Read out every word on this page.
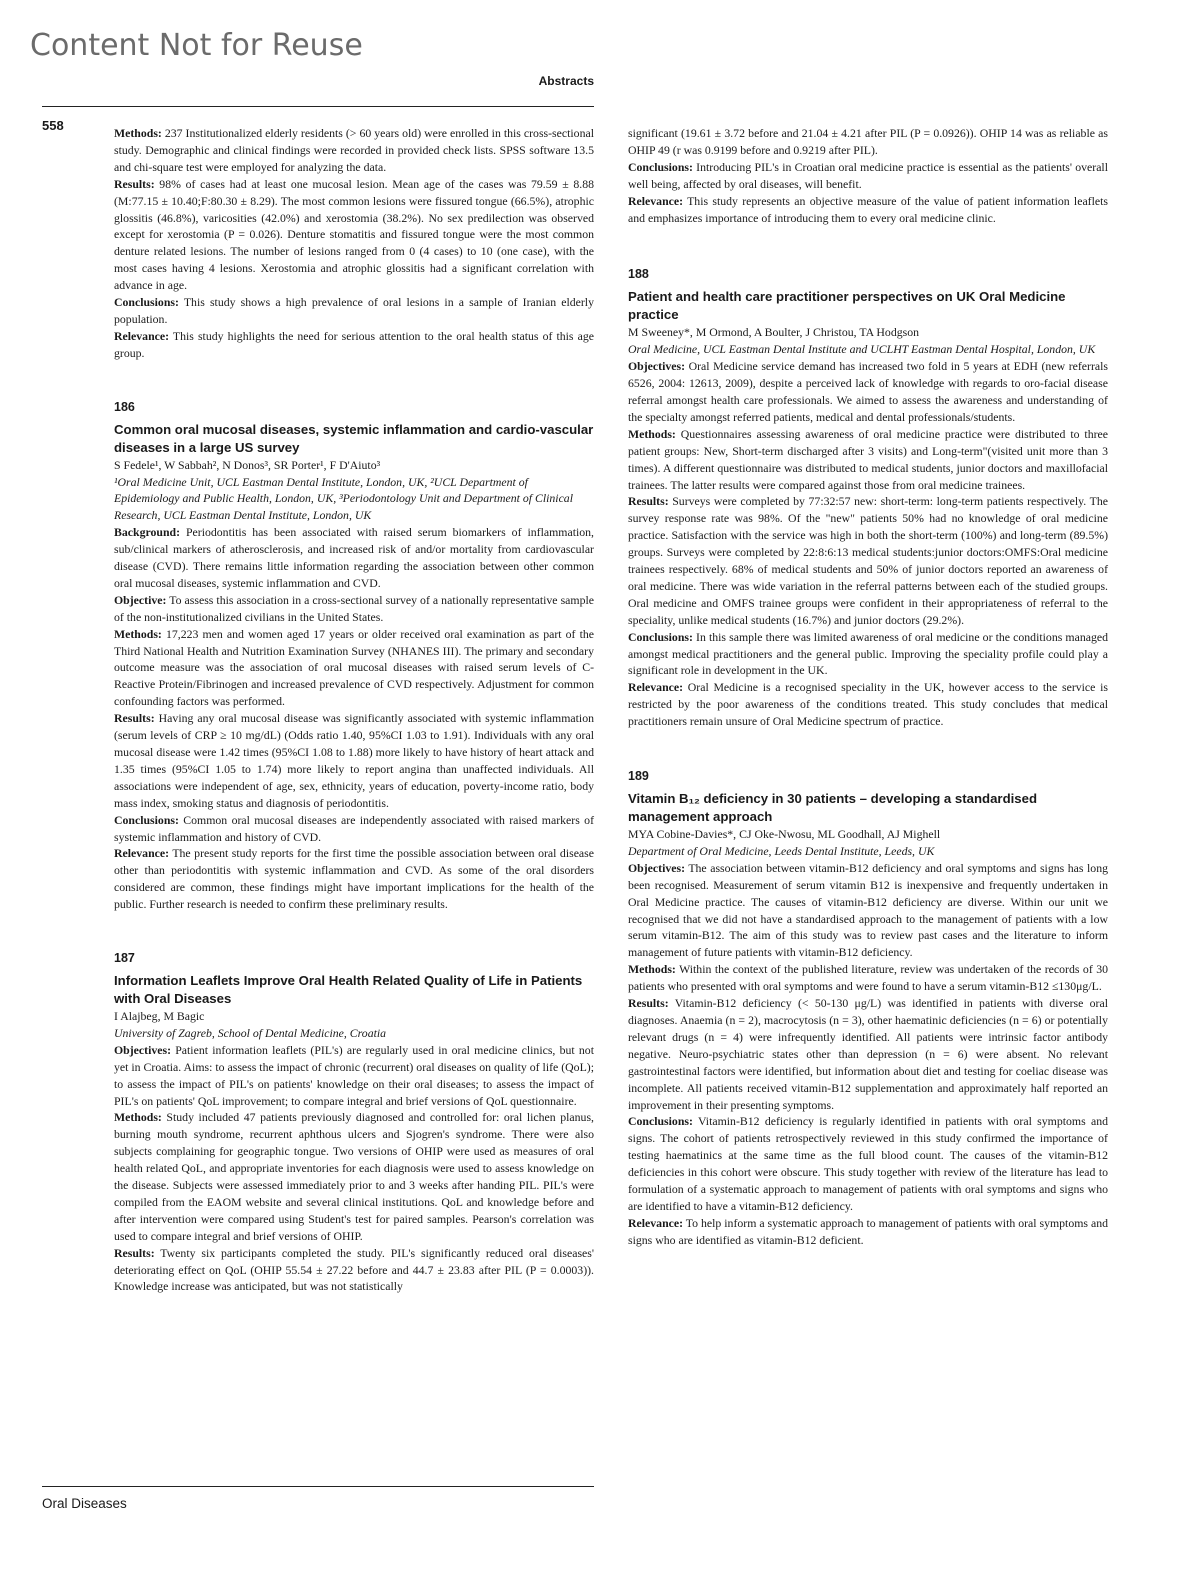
Content Not for Reuse
Abstracts
558	Methods: 237 Institutionalized elderly residents (> 60 years old) were enrolled in this cross-sectional study. Demographic and clinical findings were recorded in provided check lists. SPSS software 13.5 and chi-square test were employed for analyzing the data.

Results: 98% of cases had at least one mucosal lesion. Mean age of the cases was 79.59 ± 8.88 (M:77.15 ± 10.40;F:80.30 ± 8.29). The most common lesions were fissured tongue (66.5%), atrophic glossitis (46.8%), varicosities (42.0%) and xerostomia (38.2%). No sex predilection was observed except for xerostomia (P = 0.026). Denture stomatitis and fissured tongue were the most common denture related lesions. The number of lesions ranged from 0 (4 cases) to 10 (one case), with the most cases having 4 lesions. Xerostomia and atrophic glossitis had a significant correlation with advance in age.

Conclusions: This study shows a high prevalence of oral lesions in a sample of Iranian elderly population.

Relevance: This study highlights the need for serious attention to the oral health status of this age group.

186

Common oral mucosal diseases, systemic inflammation and cardio-vascular diseases in a large US survey

S Fedele¹, W Sabbah², N Donos³, SR Porter¹, F D'Aiuto³

¹Oral Medicine Unit, UCL Eastman Dental Institute, London, UK, ²UCL Department of Epidemiology and Public Health, London, UK, ³Periodontology Unit and Department of Clinical Research, UCL Eastman Dental Institute, London, UK

Background: Periodontitis has been associated with raised serum biomarkers of inflammation, sub/clinical markers of atherosclerosis, and increased risk of and/or mortality from cardiovascular disease (CVD). There remains little information regarding the association between other common oral mucosal diseases, systemic inflammation and CVD.

Objective: To assess this association in a cross-sectional survey of a nationally representative sample of the non-institutionalized civilians in the United States.

Methods: 17,223 men and women aged 17 years or older received oral examination as part of the Third National Health and Nutrition Examination Survey (NHANES III). The primary and secondary outcome measure was the association of oral mucosal diseases with raised serum levels of C-Reactive Protein/Fibrinogen and increased prevalence of CVD respectively. Adjustment for common confounding factors was performed.

Results: Having any oral mucosal disease was significantly associated with systemic inflammation (serum levels of CRP ≥ 10 mg/dL) (Odds ratio 1.40, 95%CI 1.03 to 1.91). Individuals with any oral mucosal disease were 1.42 times (95%CI 1.08 to 1.88) more likely to have history of heart attack and 1.35 times (95%CI 1.05 to 1.74) more likely to report angina than unaffected individuals. All associations were independent of age, sex, ethnicity, years of education, poverty-income ratio, body mass index, smoking status and diagnosis of periodontitis.

Conclusions: Common oral mucosal diseases are independently associated with raised markers of systemic inflammation and history of CVD.

Relevance: The present study reports for the first time the possible association between oral disease other than periodontitis with systemic inflammation and CVD. As some of the oral disorders considered are common, these findings might have important implications for the health of the public. Further research is needed to confirm these preliminary results.

187

Information Leaflets Improve Oral Health Related Quality of Life in Patients with Oral Diseases

I Alajbeg, M Bagic

University of Zagreb, School of Dental Medicine, Croatia

Objectives: Patient information leaflets (PIL's) are regularly used in oral medicine clinics, but not yet in Croatia. Aims: to assess the impact of chronic (recurrent) oral diseases on quality of life (QoL); to assess the impact of PIL's on patients' knowledge on their oral diseases; to assess the impact of PIL's on patients' QoL improvement; to compare integral and brief versions of QoL questionnaire.

Methods: Study included 47 patients previously diagnosed and controlled for: oral lichen planus, burning mouth syndrome, recurrent aphthous ulcers and Sjogren's syndrome. There were also subjects complaining for geographic tongue. Two versions of OHIP were used as measures of oral health related QoL, and appropriate inventories for each diagnosis were used to assess knowledge on the disease. Subjects were assessed immediately prior to and 3 weeks after handing PIL. PIL's were compiled from the EAOM website and several clinical institutions. QoL and knowledge before and after intervention were compared using Student's test for paired samples. Pearson's correlation was used to compare integral and brief versions of OHIP.

Results: Twenty six participants completed the study. PIL's significantly reduced oral diseases' deteriorating effect on QoL (OHIP 55.54 ± 27.22 before and 44.7 ± 23.83 after PIL (P = 0.0003)). Knowledge increase was anticipated, but was not statistically

significant (19.61 ± 3.72 before and 21.04 ± 4.21 after PIL (P = 0.0926)). OHIP 14 was as reliable as OHIP 49 (r was 0.9199 before and 0.9219 after PIL).

Conclusions: Introducing PIL's in Croatian oral medicine practice is essential as the patients' overall well being, affected by oral diseases, will benefit.

Relevance: This study represents an objective measure of the value of patient information leaflets and emphasizes importance of introducing them to every oral medicine clinic.

188

Patient and health care practitioner perspectives on UK Oral Medicine practice

M Sweeney*, M Ormond, A Boulter, J Christou, TA Hodgson

Oral Medicine, UCL Eastman Dental Institute and UCLHT Eastman Dental Hospital, London, UK

Objectives: Oral Medicine service demand has increased two fold in 5 years at EDH (new referrals 6526, 2004: 12613, 2009), despite a perceived lack of knowledge with regards to oro-facial disease referral amongst health care professionals. We aimed to assess the awareness and understanding of the specialty amongst referred patients, medical and dental professionals/students.

Methods: Questionnaires assessing awareness of oral medicine practice were distributed to three patient groups: New, Short-term discharged after 3 visits) and Long-term"(visited unit more than 3 times). A different questionnaire was distributed to medical students, junior doctors and maxillofacial trainees. The latter results were compared against those from oral medicine trainees.

Results: Surveys were completed by 77:32:57 new: short-term: long-term patients respectively. The survey response rate was 98%. Of the "new" patients 50% had no knowledge of oral medicine practice. Satisfaction with the service was high in both the short-term (100%) and long-term (89.5%) groups. Surveys were completed by 22:8:6:13 medical students:junior doctors:OMFS:Oral medicine trainees respectively. 68% of medical students and 50% of junior doctors reported an awareness of oral medicine. There was wide variation in the referral patterns between each of the studied groups. Oral medicine and OMFS trainee groups were confident in their appropriateness of referral to the speciality, unlike medical students (16.7%) and junior doctors (29.2%).

Conclusions: In this sample there was limited awareness of oral medicine or the conditions managed amongst medical practitioners and the general public. Improving the speciality profile could play a significant role in development in the UK.

Relevance: Oral Medicine is a recognised speciality in the UK, however access to the service is restricted by the poor awareness of the conditions treated. This study concludes that medical practitioners remain unsure of Oral Medicine spectrum of practice.

189

Vitamin B₁₂ deficiency in 30 patients – developing a standardised management approach

MYA Cobine-Davies*, CJ Oke-Nwosu, ML Goodhall, AJ Mighell

Department of Oral Medicine, Leeds Dental Institute, Leeds, UK

Objectives: The association between vitamin-B12 deficiency and oral symptoms and signs has long been recognised. Measurement of serum vitamin B12 is inexpensive and frequently undertaken in Oral Medicine practice. The causes of vitamin-B12 deficiency are diverse. Within our unit we recognised that we did not have a standardised approach to the management of patients with a low serum vitamin-B12. The aim of this study was to review past cases and the literature to inform management of future patients with vitamin-B12 deficiency.

Methods: Within the context of the published literature, review was undertaken of the records of 30 patients who presented with oral symptoms and were found to have a serum vitamin-B12 ≤130μg/L.

Results: Vitamin-B12 deficiency (< 50-130 μg/L) was identified in patients with diverse oral diagnoses. Anaemia (n = 2), macrocytosis (n = 3), other haematinic deficiencies (n = 6) or potentially relevant drugs (n = 4) were infrequently identified. All patients were intrinsic factor antibody negative. Neuro-psychiatric states other than depression (n = 6) were absent. No relevant gastrointestinal factors were identified, but information about diet and testing for coeliac disease was incomplete. All patients received vitamin-B12 supplementation and approximately half reported an improvement in their presenting symptoms.

Conclusions: Vitamin-B12 deficiency is regularly identified in patients with oral symptoms and signs. The cohort of patients retrospectively reviewed in this study confirmed the importance of testing haematinics at the same time as the full blood count. The causes of the vitamin-B12 deficiencies in this cohort were obscure. This study together with review of the literature has lead to formulation of a systematic approach to management of patients with oral symptoms and signs who are identified to have a vitamin-B12 deficiency.

Relevance: To help inform a systematic approach to management of patients with oral symptoms and signs who are identified as vitamin-B12 deficient.

Oral Diseases
